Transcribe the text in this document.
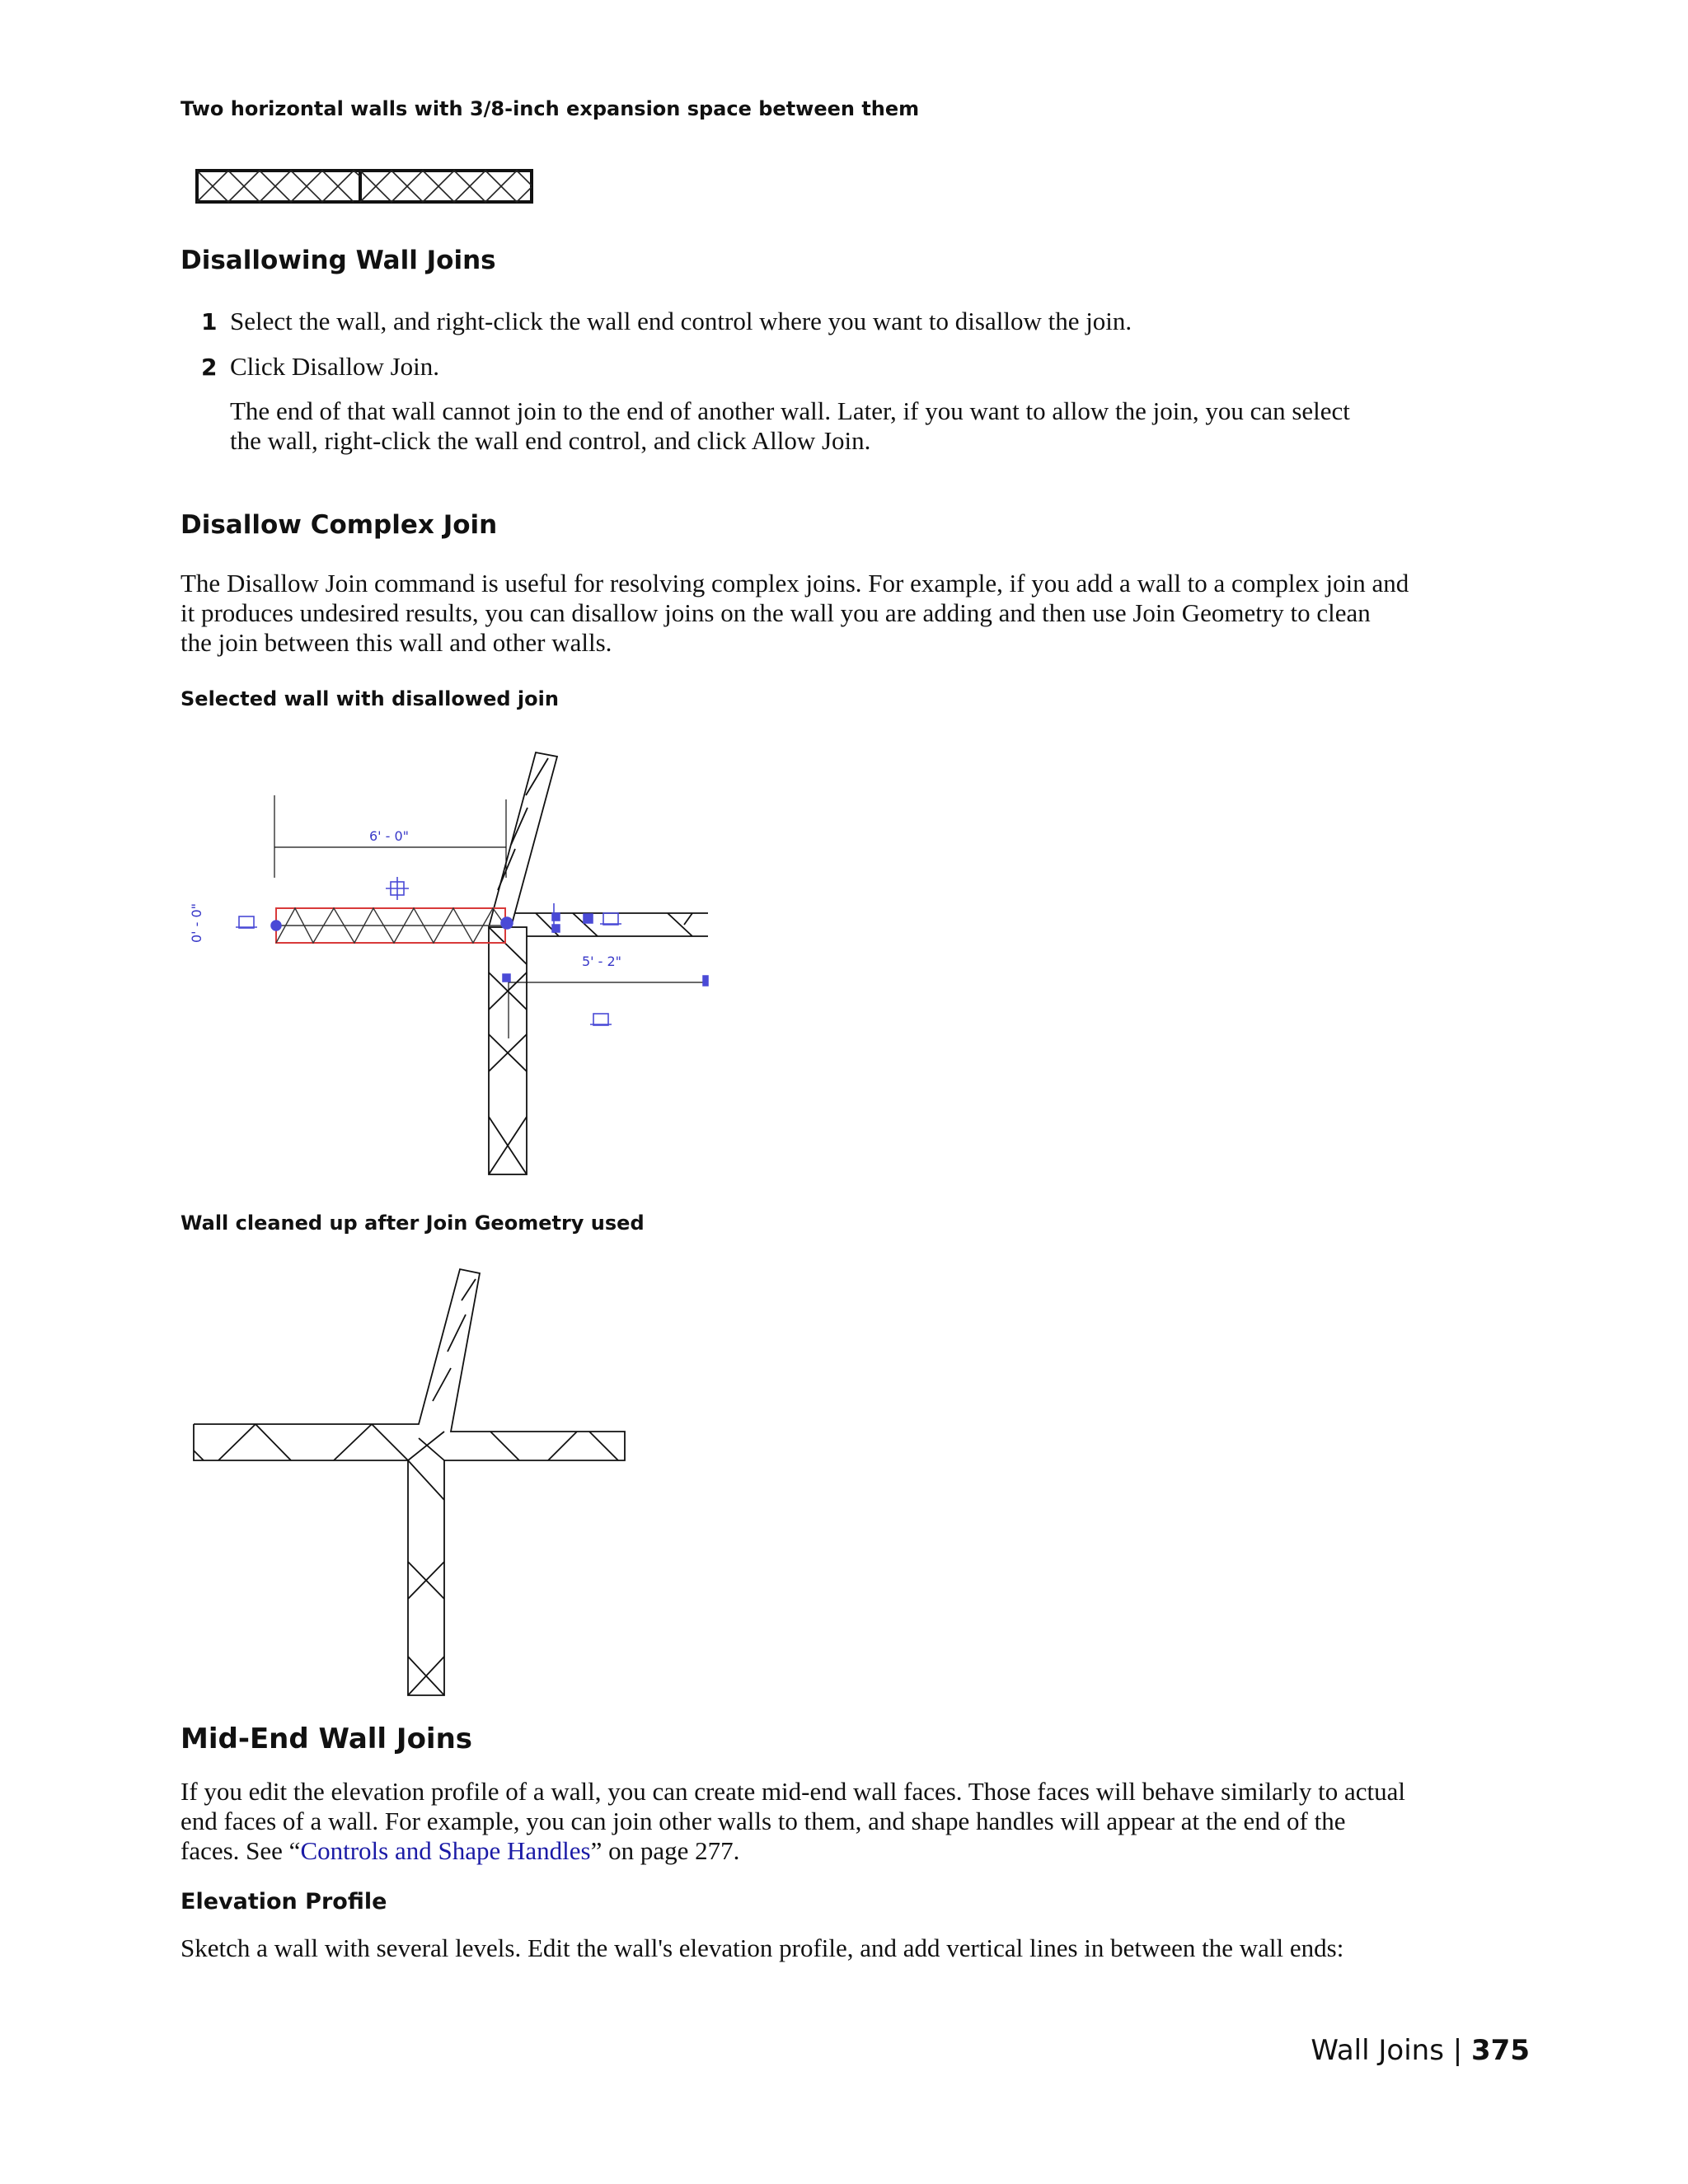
Two horizontal walls with 3/8-inch expansion space between them
Disallowing Wall Joins
1 Select the wall, and right-click the wall end control where you want to disallow the join.
2 Click Disallow Join.
The end of that wall cannot join to the end of another wall. Later, if you want to allow the join, you can select
the wall, right-click the wall end control, and click Allow Join.
Disallow Complex Join
The Disallow Join command is useful for resolving complex joins. For example, if you add a wall to a complex join and
it produces undesired results, you can disallow joins on the wall you are adding and then use Join Geometry to clean
the join between this wall and other walls.
Selected wall with disallowed join
6' - 0"
5' - 2"
0' - 0"
Wall cleaned up after Join Geometry used
Mid-End Wall Joins
If you edit the elevation profile of a wall, you can create mid-end wall faces. Those faces will behave similarly to actual
end faces of a wall. For example, you can join other walls to them, and shape handles will appear at the end of the
faces. See “Controls and Shape Handles” on page 277.
Elevation Profile
Sketch a wall with several levels. Edit the wall's elevation profile, and add vertical lines in between the wall ends:
Wall Joins | 375
